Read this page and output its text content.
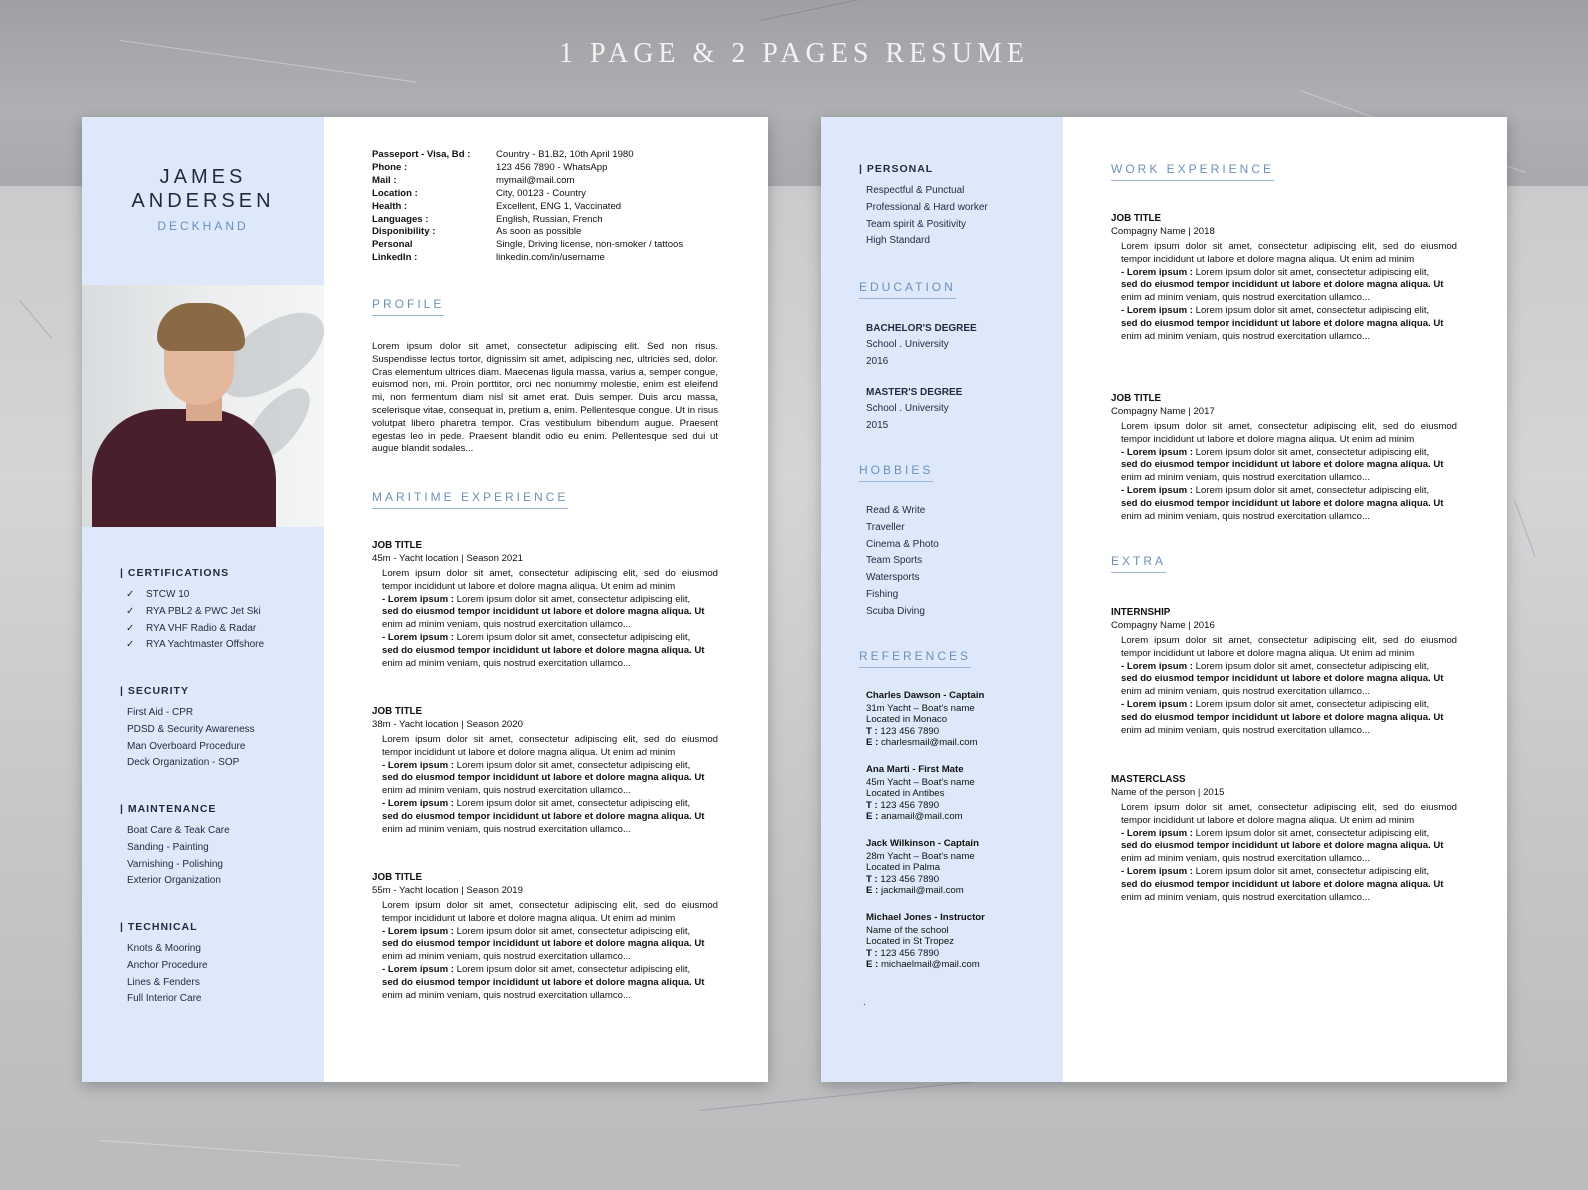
1 PAGE & 2 PAGES RESUME
JAMES
ANDERSEN
DECKHAND
| CERTIFICATIONS
✓	STCW 10
✓	RYA PBL2 & PWC Jet Ski
✓	RYA VHF Radio & Radar
✓	RYA Yachtmaster Offshore
| SECURITY
First Aid - CPR
PDSD & Security Awareness
Man Overboard Procedure
Deck Organization - SOP
| MAINTENANCE
Boat Care & Teak Care
Sanding - Painting
Varnishing - Polishing
Exterior Organization
| TECHNICAL
Knots & Mooring
Anchor Procedure
Lines & Fenders
Full Interior Care
Passeport - Visa, Bd :	Country - B1.B2, 10th April 1980
Phone :	123 456 7890 - WhatsApp
Mail :	mymail@mail.com
Location :	City, 00123 - Country
Health :	Excellent, ENG 1, Vaccinated
Languages :	English, Russian, French
Disponibility :	As soon as possible
Personal	Single, Driving license, non-smoker / tattoos
LinkedIn :	linkedin.com/in/username
PROFILE
Lorem ipsum dolor sit amet, consectetur adipiscing elit. Sed non risus. Suspendisse lectus tortor, dignissim sit amet, adipiscing nec, ultricies sed, dolor. Cras elementum ultrices diam. Maecenas ligula massa, varius a, semper congue, euismod non, mi. Proin porttitor, orci nec nonummy molestie, enim est eleifend mi, non fermentum diam nisl sit amet erat. Duis semper. Duis arcu massa, scelerisque vitae, consequat in, pretium a, enim. Pellentesque congue. Ut in risus volutpat libero pharetra tempor. Cras vestibulum bibendum augue. Praesent egestas leo in pede. Praesent blandit odio eu enim. Pellentesque sed dui ut augue blandit sodales...
MARITIME EXPERIENCE
JOB TITLE
45m - Yacht location | Season 2021
Lorem ipsum dolor sit amet, consectetur adipiscing elit, sed do eiusmod tempor incididunt ut labore et dolore magna aliqua. Ut enim ad minim
- Lorem ipsum : Lorem ipsum dolor sit amet, consectetur adipiscing elit,
sed do eiusmod tempor incididunt ut labore et dolore magna aliqua. Ut
enim ad minim veniam, quis nostrud exercitation ullamco...
- Lorem ipsum : Lorem ipsum dolor sit amet, consectetur adipiscing elit,
sed do eiusmod tempor incididunt ut labore et dolore magna aliqua. Ut
enim ad minim veniam, quis nostrud exercitation ullamco...
JOB TITLE
38m - Yacht location | Season 2020
Lorem ipsum dolor sit amet, consectetur adipiscing elit, sed do eiusmod tempor incididunt ut labore et dolore magna aliqua. Ut enim ad minim
- Lorem ipsum : Lorem ipsum dolor sit amet, consectetur adipiscing elit,
sed do eiusmod tempor incididunt ut labore et dolore magna aliqua. Ut
enim ad minim veniam, quis nostrud exercitation ullamco...
- Lorem ipsum : Lorem ipsum dolor sit amet, consectetur adipiscing elit,
sed do eiusmod tempor incididunt ut labore et dolore magna aliqua. Ut
enim ad minim veniam, quis nostrud exercitation ullamco...
JOB TITLE
55m - Yacht location | Season 2019
Lorem ipsum dolor sit amet, consectetur adipiscing elit, sed do eiusmod tempor incididunt ut labore et dolore magna aliqua. Ut enim ad minim
- Lorem ipsum : Lorem ipsum dolor sit amet, consectetur adipiscing elit,
sed do eiusmod tempor incididunt ut labore et dolore magna aliqua. Ut
enim ad minim veniam, quis nostrud exercitation ullamco...
- Lorem ipsum : Lorem ipsum dolor sit amet, consectetur adipiscing elit,
sed do eiusmod tempor incididunt ut labore et dolore magna aliqua. Ut
enim ad minim veniam, quis nostrud exercitation ullamco...
| PERSONAL
Respectful & Punctual
Professional & Hard worker
Team spirit & Positivity
High Standard
EDUCATION
BACHELOR'S DEGREE
School . University
2016
MASTER'S DEGREE
School . University
2015
HOBBIES
Read & Write
Traveller
Cinema & Photo
Team Sports
Watersports
Fishing
Scuba Diving
REFERENCES
Charles Dawson - Captain
31m Yacht – Boat's name
Located in Monaco
T : 123 456 7890
E : charlesmail@mail.com
Ana Marti - First Mate
45m Yacht – Boat's name
Located in Antibes
T : 123 456 7890
E : anamail@mail.com
Jack Wilkinson - Captain
28m Yacht – Boat's name
Located in Palma
T : 123 456 7890
E : jackmail@mail.com
Michael Jones - Instructor
Name of the school
Located in St Tropez
T : 123 456 7890
E : michaelmail@mail.com
.
WORK EXPERIENCE
JOB TITLE
Compagny Name | 2018
Lorem ipsum dolor sit amet, consectetur adipiscing elit, sed do eiusmod tempor incididunt ut labore et dolore magna aliqua. Ut enim ad minim
- Lorem ipsum : Lorem ipsum dolor sit amet, consectetur adipiscing elit,
sed do eiusmod tempor incididunt ut labore et dolore magna aliqua. Ut
enim ad minim veniam, quis nostrud exercitation ullamco...
- Lorem ipsum : Lorem ipsum dolor sit amet, consectetur adipiscing elit,
sed do eiusmod tempor incididunt ut labore et dolore magna aliqua. Ut
enim ad minim veniam, quis nostrud exercitation ullamco...
JOB TITLE
Compagny Name | 2017
Lorem ipsum dolor sit amet, consectetur adipiscing elit, sed do eiusmod tempor incididunt ut labore et dolore magna aliqua. Ut enim ad minim
- Lorem ipsum : Lorem ipsum dolor sit amet, consectetur adipiscing elit,
sed do eiusmod tempor incididunt ut labore et dolore magna aliqua. Ut
enim ad minim veniam, quis nostrud exercitation ullamco...
- Lorem ipsum : Lorem ipsum dolor sit amet, consectetur adipiscing elit,
sed do eiusmod tempor incididunt ut labore et dolore magna aliqua. Ut
enim ad minim veniam, quis nostrud exercitation ullamco...
EXTRA
INTERNSHIP
Compagny Name | 2016
Lorem ipsum dolor sit amet, consectetur adipiscing elit, sed do eiusmod tempor incididunt ut labore et dolore magna aliqua. Ut enim ad minim
- Lorem ipsum : Lorem ipsum dolor sit amet, consectetur adipiscing elit,
sed do eiusmod tempor incididunt ut labore et dolore magna aliqua. Ut
enim ad minim veniam, quis nostrud exercitation ullamco...
- Lorem ipsum : Lorem ipsum dolor sit amet, consectetur adipiscing elit,
sed do eiusmod tempor incididunt ut labore et dolore magna aliqua. Ut
enim ad minim veniam, quis nostrud exercitation ullamco...
MASTERCLASS
Name of the person | 2015
Lorem ipsum dolor sit amet, consectetur adipiscing elit, sed do eiusmod tempor incididunt ut labore et dolore magna aliqua. Ut enim ad minim
- Lorem ipsum : Lorem ipsum dolor sit amet, consectetur adipiscing elit,
sed do eiusmod tempor incididunt ut labore et dolore magna aliqua. Ut
enim ad minim veniam, quis nostrud exercitation ullamco...
- Lorem ipsum : Lorem ipsum dolor sit amet, consectetur adipiscing elit,
sed do eiusmod tempor incididunt ut labore et dolore magna aliqua. Ut
enim ad minim veniam, quis nostrud exercitation ullamco...
